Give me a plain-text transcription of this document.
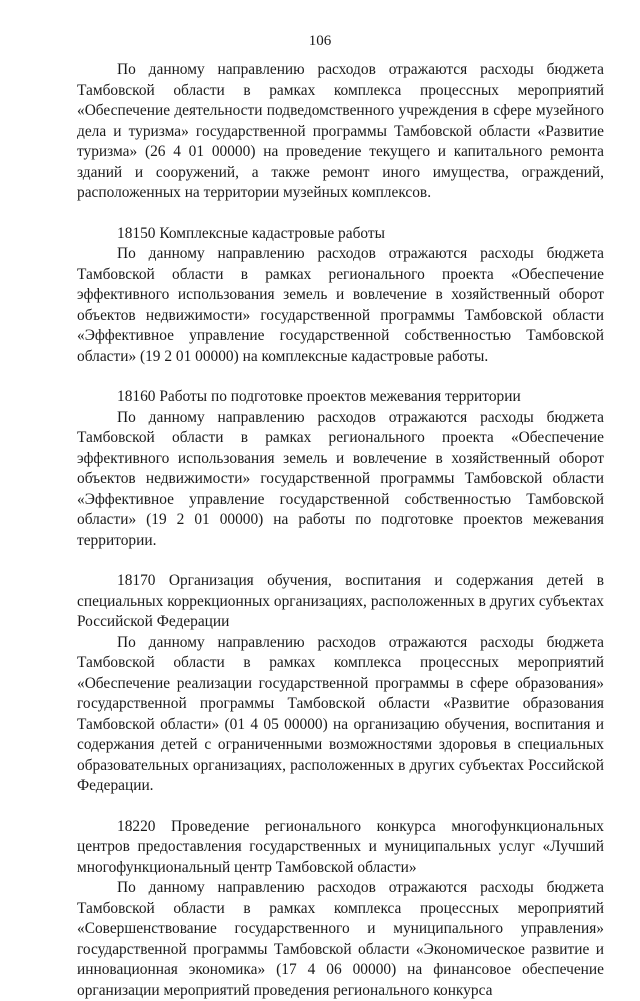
106

По данному направлению расходов отражаются расходы бюджета Тамбовской области в рамках комплекса процессных мероприятий «Обеспечение деятельности подведомственного учреждения в сфере музейного дела и туризма» государственной программы Тамбовской области «Развитие туризма» (26 4 01 00000) на проведение текущего и капитального ремонта зданий и сооружений, а также ремонт иного имущества, ограждений, расположенных на территории музейных комплексов.

18150 Комплексные кадастровые работы

По данному направлению расходов отражаются расходы бюджета Тамбовской области в рамках регионального проекта «Обеспечение эффективного использования земель и вовлечение в хозяйственный оборот объектов недвижимости» государственной программы Тамбовской области «Эффективное управление государственной собственностью Тамбовской области» (19 2 01 00000) на комплексные кадастровые работы.

18160 Работы по подготовке проектов межевания территории

По данному направлению расходов отражаются расходы бюджета Тамбовской области в рамках регионального проекта «Обеспечение эффективного использования земель и вовлечение в хозяйственный оборот объектов недвижимости» государственной программы Тамбовской области «Эффективное управление государственной собственностью Тамбовской области» (19 2 01 00000) на работы по подготовке проектов межевания территории.

18170 Организация обучения, воспитания и содержания детей в специальных коррекционных организациях, расположенных в других субъектах Российской Федерации

По данному направлению расходов отражаются расходы бюджета Тамбовской области в рамках комплекса процессных мероприятий «Обеспечение реализации государственной программы в сфере образования» государственной программы Тамбовской области «Развитие образования Тамбовской области» (01 4 05 00000) на организацию обучения, воспитания и содержания детей с ограниченными возможностями здоровья в специальных образовательных организациях, расположенных в других субъектах Российской Федерации.

18220 Проведение регионального конкурса многофункциональных центров предоставления государственных и муниципальных услуг «Лучший многофункциональный центр Тамбовской области»

По данному направлению расходов отражаются расходы бюджета Тамбовской области в рамках комплекса процессных мероприятий «Совершенствование государственного и муниципального управления» государственной программы Тамбовской области «Экономическое развитие и инновационная экономика» (17 4 06 00000) на финансовое обеспечение организации мероприятий проведения регионального конкурса
